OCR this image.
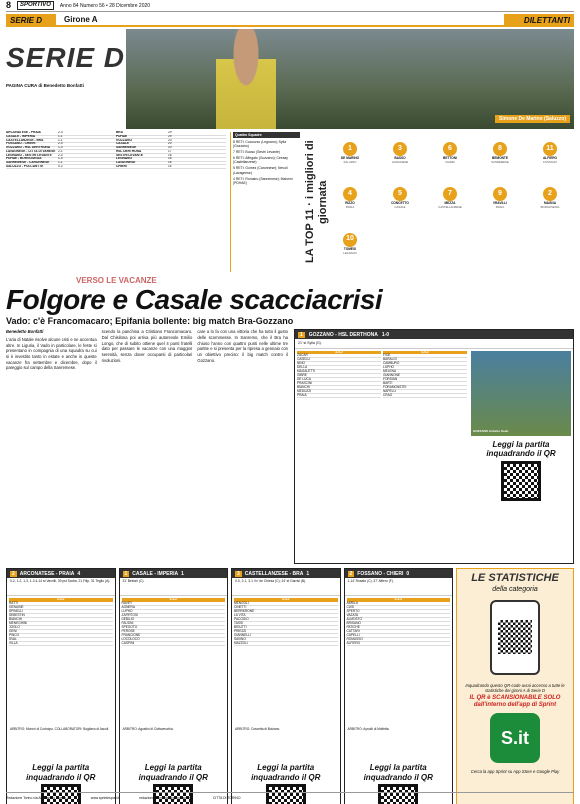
8	SPORTIVO	Anno 84 Numero 56 • 28 Dicembre 2020
SERIE D	Girone A	DILETTANTI
SERIE D
PAGINA CURA di Benedetto Bonfatti
Simone De Marino (Saluzzo)
ARCONATESE - PRAIA	2-4	BRA	29
CASALE - IMPERIA	1-1	PDHAE	29
CASTELLANZESE - BRA	1-1	GOZZANO	23
FOSSANO - CHIERI	2-0	CASALE	20
GOZZANO - HSL DERTHONA	1-0	SANREMESE	20
LAVAGNESE - CITTÀ DI VARESE 2-1	HSL DERTHONA	17
LEGNANO - SESTRI LEVANTE	2-0	SESTRI LEVANTE	16
PDHAE - BORGOSESIA	1-0	LEGNANO	16
SANREMESE - CARONNESE	1-1	LAVAGNESE	16
SALUZZO - POLCANTTE	0-2	CHIERI	14
Quattro Squadre

8 RETI: Coccuzzo (Legnano); Sylla (Gozzano)

7 RETI: Buoso (Sestri Levante)

6 RETI: Affegato (Gozzano); Ceesay (Castellanzese)

5 RETI: Gomez (Caronnese); Nevoli (Lavagnese)

4 RETI: Romairo (Sanremese); Maiorini (PDHAE)	LA TOP 11 · i migliori di giornata
1
DE MARINO
SALUZZO
3
BASSO
LAVAGNESE
6
BETTONI
CHIERI
8
BEMONTE
SANREMESE
11
ALFIERO
FOSSANO
4
RIZZO
PRAIA
5
CONCETTO
CASALE
7
MEZZA
CASTELLANZESE
9
VRAVILLI
PRAIA
2
MAGNA
BORGOSESIA
10
TOMESI
LEGNANO
VERSO LE VACANZE
Folgore e Casale scacciacrisi
Vado: c'è Francomacaro; Epifania bollente: big match Bra-Gozzano
Benedetto Bonfatti

L'aria di Natale risolve alcune crisi e ne accentua altre. In Liguria, il Vado in particolare, le feste si presentano in compagnia di una squadra su cui si è investito tanto in estate e anche in queste vacanze fra settembre e dicembre, dopo il pareggio sul campo della Sanremese.

scendo la panchina a Cristiano Francomacaro. Dal Chisilona poi arriva più autorevole Emilio Longo, che di subito ottiene quel 4 punti fratelli dato per passare le vacanze con una maggior serenità, senza dover occuparsi di particolari rivoluzioni.

care a lo fa con una vittoria che ha tutto il gusto delle scommesse. In Sanremo, che il Bra ha chiuso l'anno con quattro punti nelle ultime tre partite e si presenta per la ripresa a gennaio con un obiettivo preciso: il big match contro il Gozzano.

1	GOZZANO - HSL DERTHONA 1-0
21' st Sylla (G).
3-5-2
ZACAR
CASELLI
NINO
DELLA
MAGALETTI
GIBRE
DE LUCA
PRASCINI
BIANCHI
MEDUZZI
PRAIA
3-5-2
FIOE
BARALDI
CAMBURO
LUPHO
MELENA
GIANNONE
FORSIAN
BARTI
FORAMONSTEI
NAPELLI
CRAO
GOZZANO Antonio Sodo
Leggi la partita inquadrando il QR
2	ARCONATESE - PRAIA 4
0-2, 1-2, 1-3, 1-3 4-14 st Vavrilli, 39 pst Scolia, 21 Filip, 31 Teglio (A).
3-5-2
RATTI
GENUINE
SPINELLI
SEBESTIN
BIANCHI
MENEGHINI
JOGLO
GENI
PINCO
SVAL
VILLA
ARBITRO: Moroni di Codroipo. COLLABORATORI: Bogliano di Ascoli.
Leggi la partita inquadrando il QR
1	CASALE - IMPERIA 1
31' Bettoni (C).
4-4-2
RAVEY
AGNERA
LUPHO
ZAFIRTOSI
DEBILIO
FALSINI
SPEGOTO
PEROSE
FRANCIONE
LOCOLOCO
CASPINI
ARBITRO: Agostini di Civitavecchia.
Leggi la partita inquadrando il QR
3	CASTELLANZESE - BRA 1
0-0, 2-1, 3-1 Vv' de Chiesa (C); 24' st Garrisi (B).
3-5-2
MENGOLI
CINETTI
BERRERONE
LA VITA
PACOGIO
TASSI
BIGUTTI
PRIEZZI
GIANNELLI
SAVINO
MAZZOLI
ARBITRO: Coscetta di Bolzano.
Leggi la partita inquadrando il QR
2	FOSSANO - CHIERI 0
1-14' Rosato (C), 37' Alfiero (F).
3-4-3
ABRILA
CUSI
SPERTO
VAZATA
ALMOSTO
BRISANO
PATICHE
CATTARI
CAPELLI
ROMASSO
ALFIERO
ARBITRO: Ayroldi di Molfetta.
Leggi la partita inquadrando il QR
LE STATISTICHE
della categoria

Inquadrando questo QR-code avrai accesso a tutte le statistiche dei gironi A di Serie D

IL QR è SCANSIONABILE SOLO dall'interno dell'app di Sprint
S.it

Cerca la app Sprint su App Store e Google Play

Redazione Torino via Alessandro Poerio 20	www.sprintesport.it	redazione.piemonte@sprintesport.it	CITTA DI TORINO
